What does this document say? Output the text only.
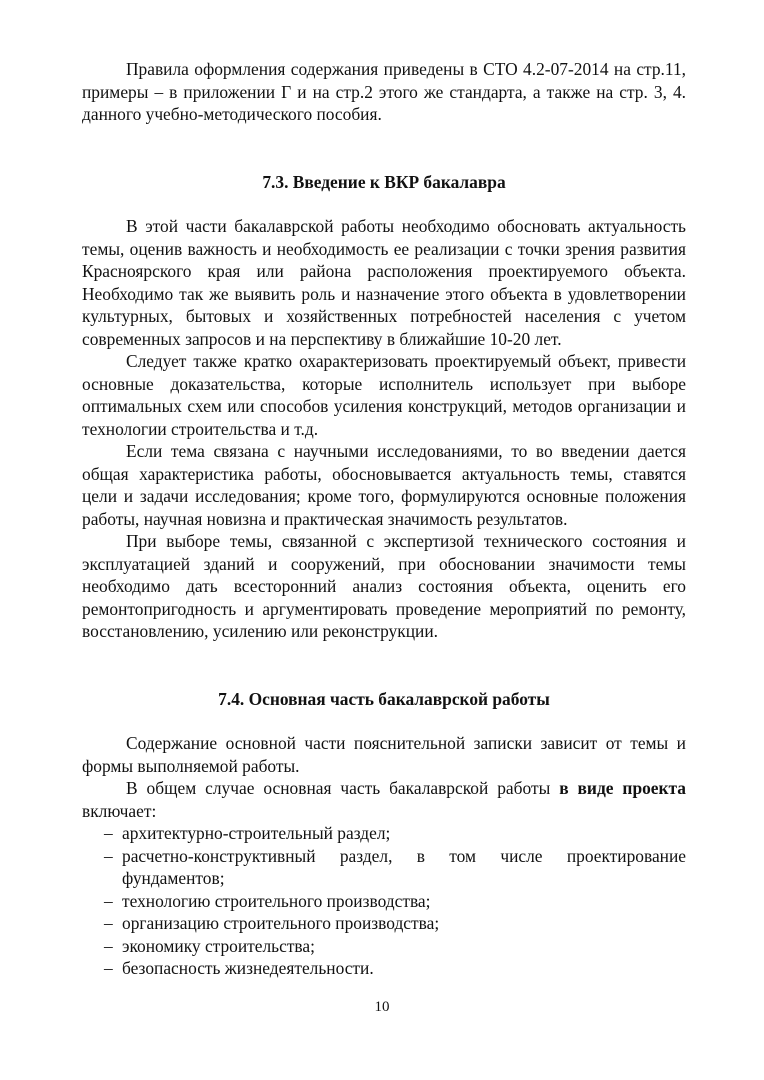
Правила оформления содержания приведены в СТО 4.2-07-2014 на стр.11, примеры – в приложении Г и на стр.2 этого же стандарта, а также на стр. 3, 4. данного учебно-методического пособия.

7.3. Введение к ВКР бакалавра

В этой части бакалаврской работы необходимо обосновать актуальность темы, оценив важность и необходимость ее реализации с точки зрения развития Красноярского края или района расположения проектируемого объекта. Необходимо так же выявить роль и назначение этого объекта в удовлетворении культурных, бытовых и хозяйственных потребностей населения с учетом современных запросов и на перспективу в ближайшие 10-20 лет.

Следует также кратко охарактеризовать проектируемый объект, привести основные доказательства, которые исполнитель использует при выборе оптимальных схем или способов усиления конструкций, методов организации и технологии строительства и т.д.

Если тема связана с научными исследованиями, то во введении дается общая характеристика работы, обосновывается актуальность темы, ставятся цели и задачи исследования; кроме того, формулируются основные положения работы, научная новизна и практическая значимость результатов.

При выборе темы, связанной с экспертизой технического состояния и эксплуатацией зданий и сооружений, при обосновании значимости темы необходимо дать всесторонний анализ состояния объекта, оценить его ремонтопригодность и аргументировать проведение мероприятий по ремонту, восстановлению, усилению или реконструкции.

7.4. Основная часть бакалаврской работы

Содержание основной части пояснительной записки зависит от темы и формы выполняемой работы.

В общем случае основная часть бакалаврской работы в виде проекта включает:

– архитектурно-строительный раздел;
– расчетно-конструктивный раздел, в том числе проектирование фундаментов;
– технологию строительного производства;
– организацию строительного производства;
– экономику строительства;
– безопасность жизнедеятельности.
10
